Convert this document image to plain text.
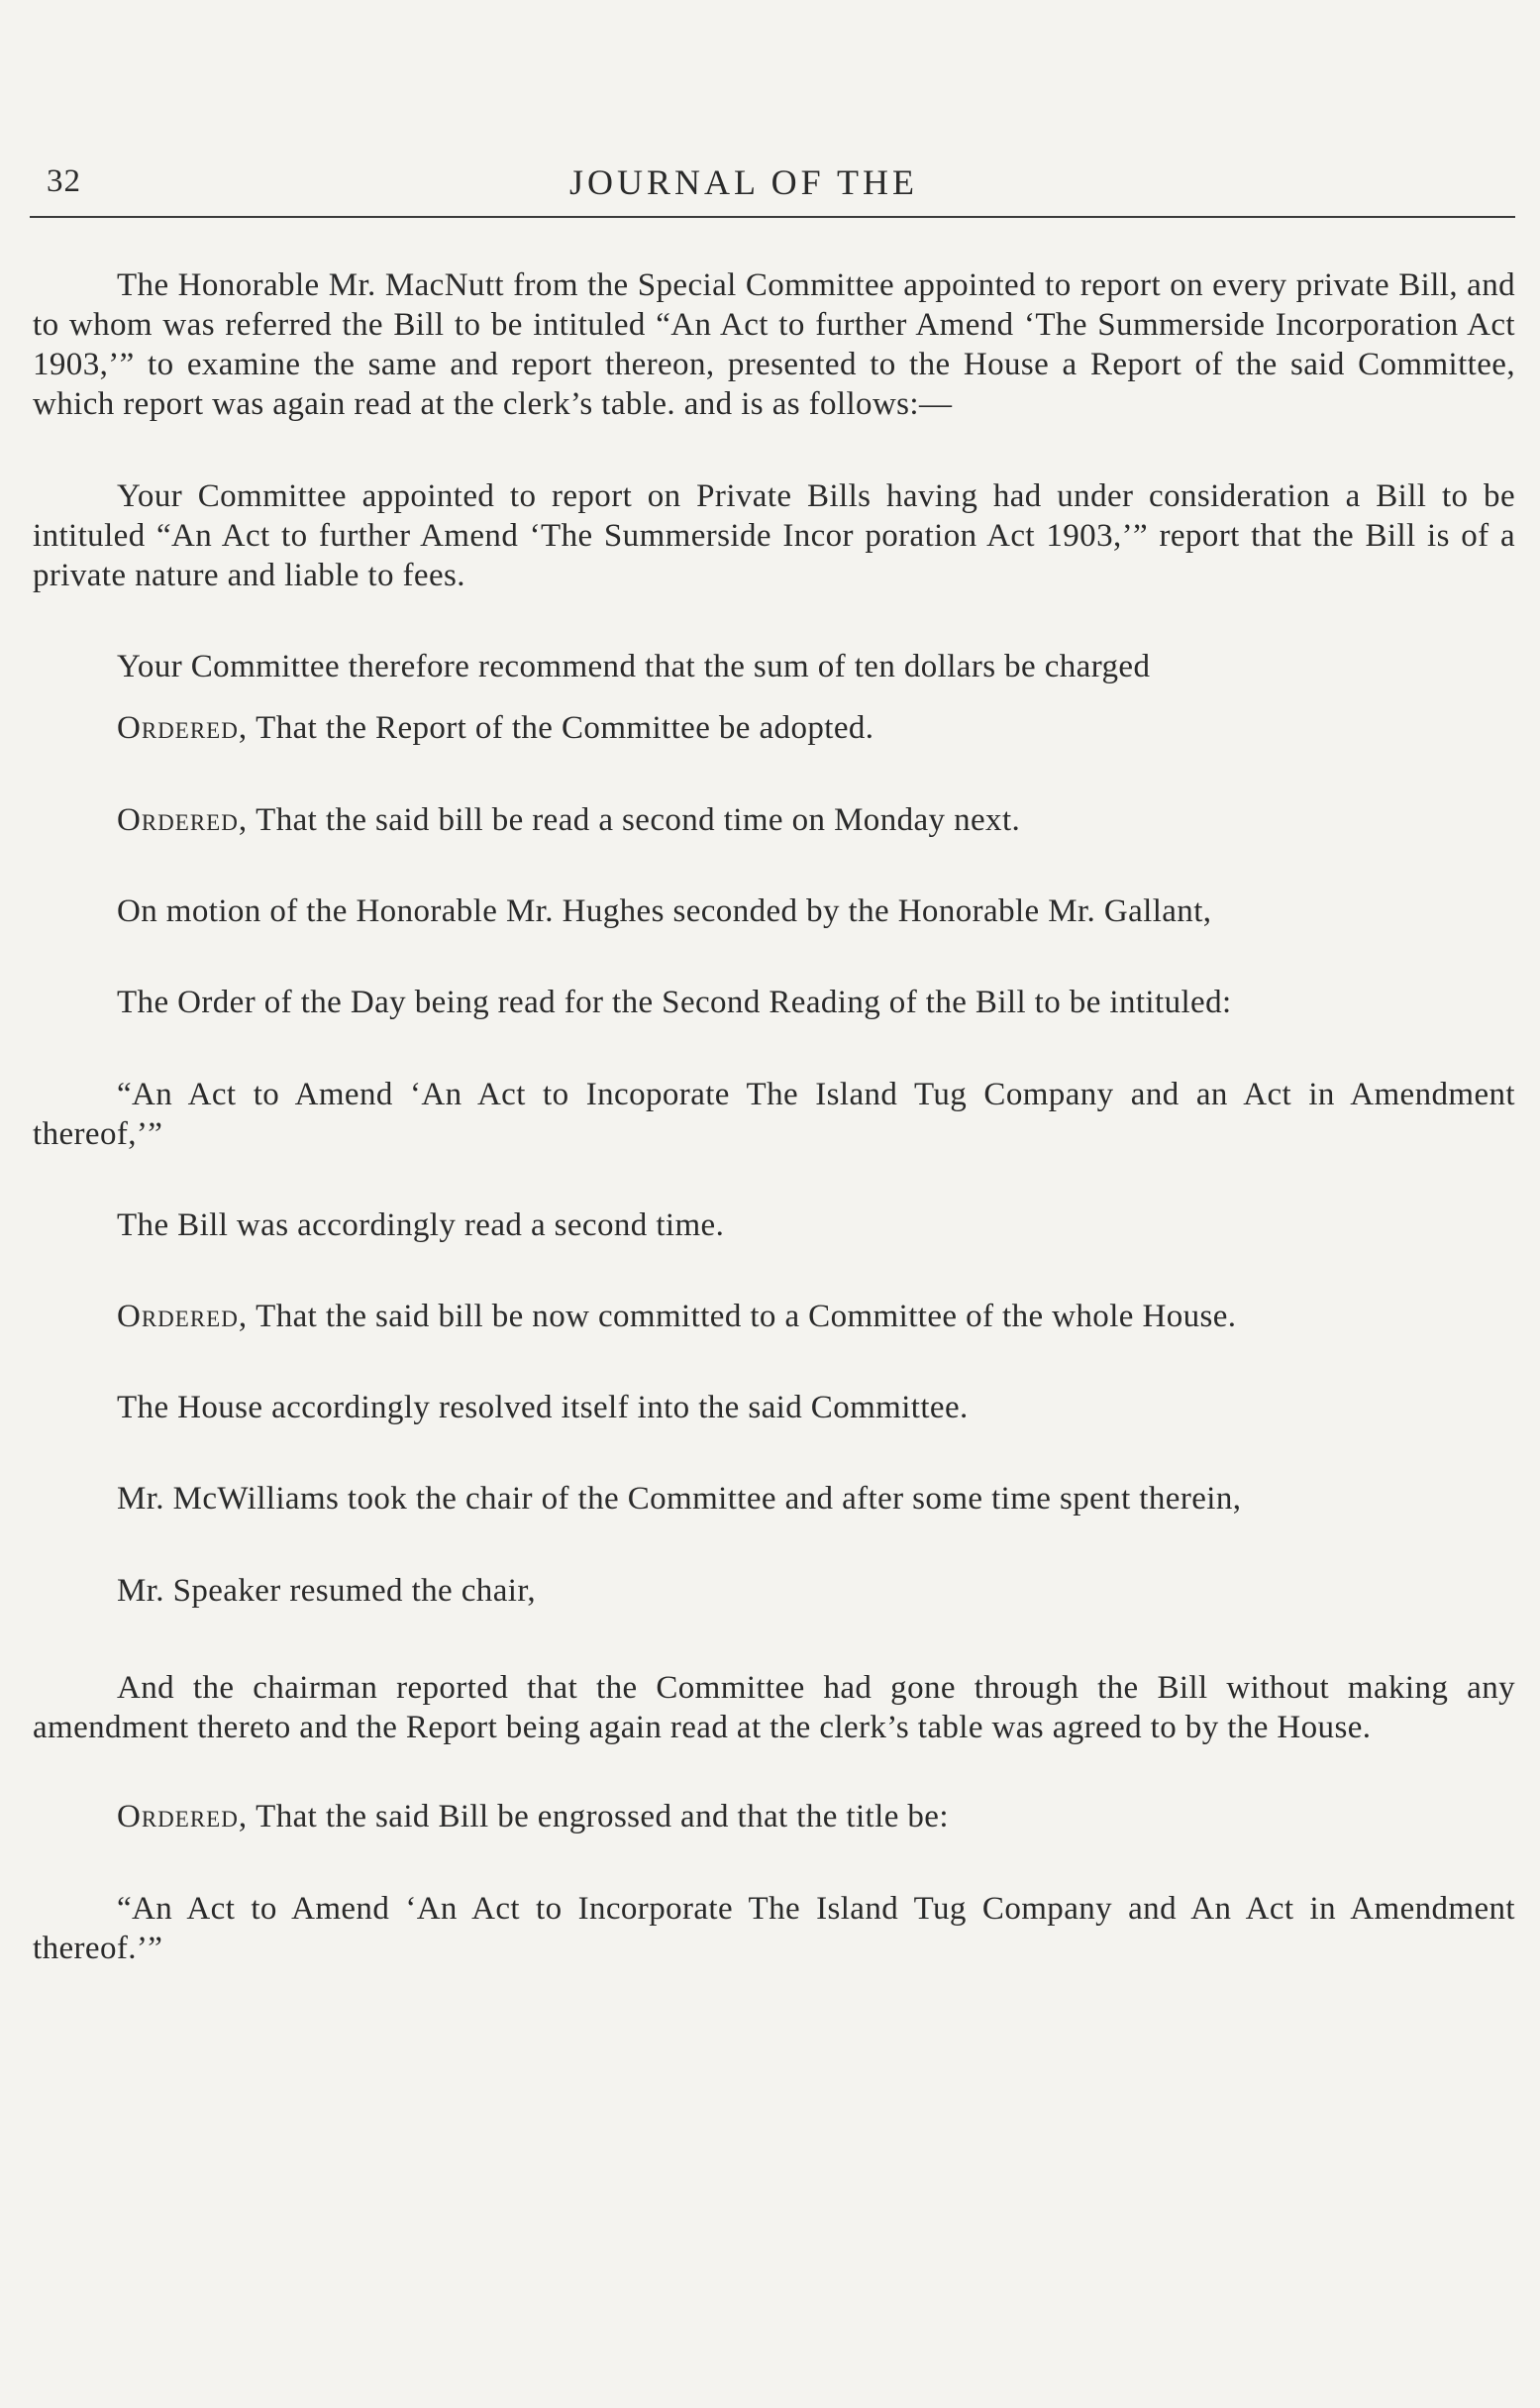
32	JOURNAL OF THE

The Honorable Mr. MacNutt from the Special Committee appointed to report on every private Bill, and to whom was referred the Bill to be intituled “An Act to further Amend ‘The Summerside Incorporation Act 1903,’” to examine the same and report thereon, presented to the House a Report of the said Committee, which report was again read at the clerk’s table. and is as follows:—

Your Committee appointed to report on Private Bills having had under consideration a Bill to be intituled “An Act to further Amend ‘The Summerside Incor poration Act 1903,’” report that the Bill is of a private nature and liable to fees.

Your Committee therefore recommend that the sum of ten dollars be charged

Ordered, That the Report of the Committee be adopted.

Ordered, That the said bill be read a second time on Monday next.

On motion of the Honorable Mr. Hughes seconded by the Honorable Mr. Gallant,

The Order of the Day being read for the Second Reading of the Bill to be intituled:

“An Act to Amend ‘An Act to Incoporate The Island Tug Company and an Act in Amendment thereof,’”

The Bill was accordingly read a second time.

Ordered, That the said bill be now committed to a Committee of the whole House.

The House accordingly resolved itself into the said Committee.

Mr. McWilliams took the chair of the Committee and after some time spent therein,

Mr. Speaker resumed the chair,

And the chairman reported that the Committee had gone through the Bill without making any amendment thereto and the Report being again read at the clerk’s table was agreed to by the House.

Ordered, That the said Bill be engrossed and that the title be:

“An Act to Amend ‘An Act to Incorporate The Island Tug Company and An Act in Amendment thereof.’”
